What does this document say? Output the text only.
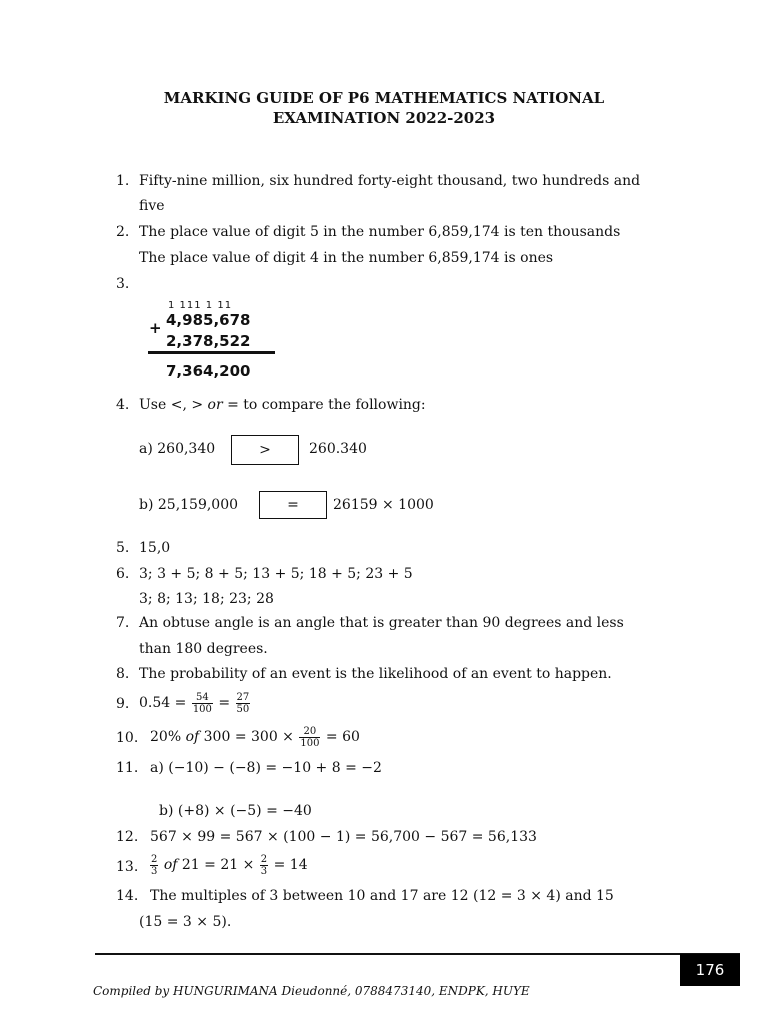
MARKING GUIDE OF P6 MATHEMATICS NATIONAL
EXAMINATION 2022-2023
1. Fifty-nine million, six hundred forty-eight thousand, two hundreds and
five
2. The place value of digit 5 in the number 6,859,174 is ten thousands
The place value of digit 4 in the number 6,859,174 is ones
3.
1 111 1 11
+ 4,985,678
2,378,522
7,364,200
4. Use <, > or = to compare the following:
a) 260,340	>	260.340
b) 25,159,000	=	26159 × 1000
5. 15,0
6. 3; 3 + 5; 8 + 5; 13 + 5; 18 + 5; 23 + 5
3; 8; 13; 18; 23; 28
7. An obtuse angle is an angle that is greater than 90 degrees and less
than 180 degrees.
8. The probability of an event is the likelihood of an event to happen.
9. $0.54 = \frac{54}{100} = \frac{27}{50}$
10. 20% of $300 = 300 \times \frac{20}{100} = 60$
11. a) (−10) − (−8) = −10 + 8 = −2
b) (+8) × (−5) = −40
12. 567 × 99 = 567 × (100 − 1) = 56,700 − 567 = 56,133
13. $\frac{2}{3}$ of $21 = 21 \times \frac{2}{3} = 14$
14. The multiples of 3 between 10 and 17 are 12 (12 = 3 × 4) and 15
(15 = 3 × 5).
176
Compiled by HUNGURIMANA Dieudonné, 0788473140, ENDPK, HUYE
